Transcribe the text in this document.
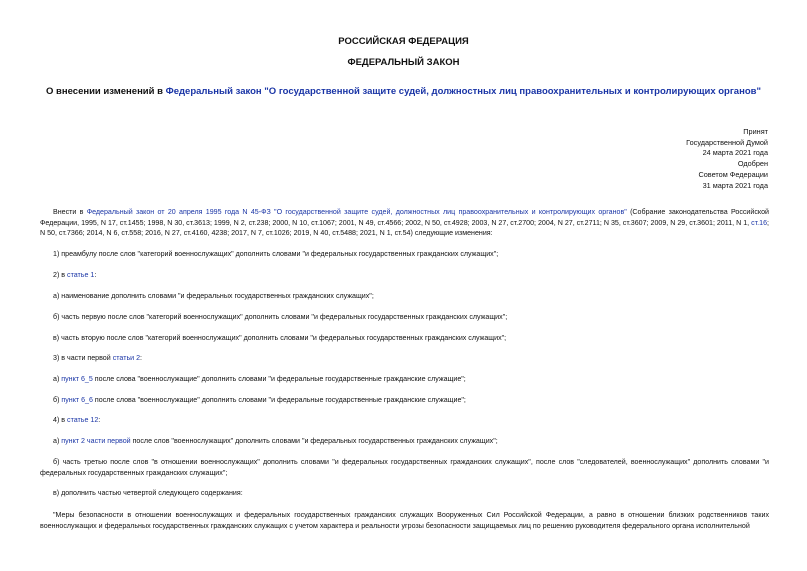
РОССИЙСКАЯ ФЕДЕРАЦИЯ
ФЕДЕРАЛЬНЫЙ ЗАКОН
О внесении изменений в Федеральный закон "О государственной защите судей, должностных лиц правоохранительных и контролирующих органов"
Принят
Государственной Думой
24 марта 2021 года
Одобрен
Советом Федерации
31 марта 2021 года
Внести в Федеральный закон от 20 апреля 1995 года N 45-ФЗ "О государственной защите судей, должностных лиц правоохранительных и контролирующих органов" (Собрание законодательства Российской Федерации, 1995, N 17, ст.1455; 1998, N 30, ст.3613; 1999, N 2, ст.238; 2000, N 10, ст.1067; 2001, N 49, ст.4566; 2002, N 50, ст.4928; 2003, N 27, ст.2700; 2004, N 27, ст.2711; N 35, ст.3607; 2009, N 29, ст.3601; 2011, N 1, ст.16; N 50, ст.7366; 2014, N 6, ст.558; 2016, N 27, ст.4160, 4238; 2017, N 7, ст.1026; 2019, N 40, ст.5488; 2021, N 1, ст.54) следующие изменения:
1) преамбулу после слов "категорий военнослужащих" дополнить словами "и федеральных государственных гражданских служащих";
2) в статье 1:
а) наименование дополнить словами "и федеральных государственных гражданских служащих";
б) часть первую после слов "категорий военнослужащих" дополнить словами "и федеральных государственных гражданских служащих";
в) часть вторую после слов "категорий военнослужащих" дополнить словами "и федеральных государственных гражданских служащих";
3) в части первой статьи 2:
а) пункт 6_5 после слова "военнослужащие" дополнить словами "и федеральные государственные гражданские служащие";
б) пункт 6_6 после слова "военнослужащие" дополнить словами "и федеральные государственные гражданские служащие";
4) в статье 12:
а) пункт 2 части первой после слов "военнослужащих" дополнить словами "и федеральных государственных гражданских служащих";
б) часть третью после слов "в отношении военнослужащих" дополнить словами "и федеральных государственных гражданских служащих", после слов "следователей, военнослужащих" дополнить словами "и федеральных государственных гражданских служащих";
в) дополнить частью четвертой следующего содержания:
"Меры безопасности в отношении военнослужащих и федеральных государственных гражданских служащих Вооруженных Сил Российской Федерации, а равно в отношении близких родственников таких военнослужащих и федеральных государственных гражданских служащих с учетом характера и реальности угрозы безопасности защищаемых лиц по решению руководителя федерального органа исполнительной
